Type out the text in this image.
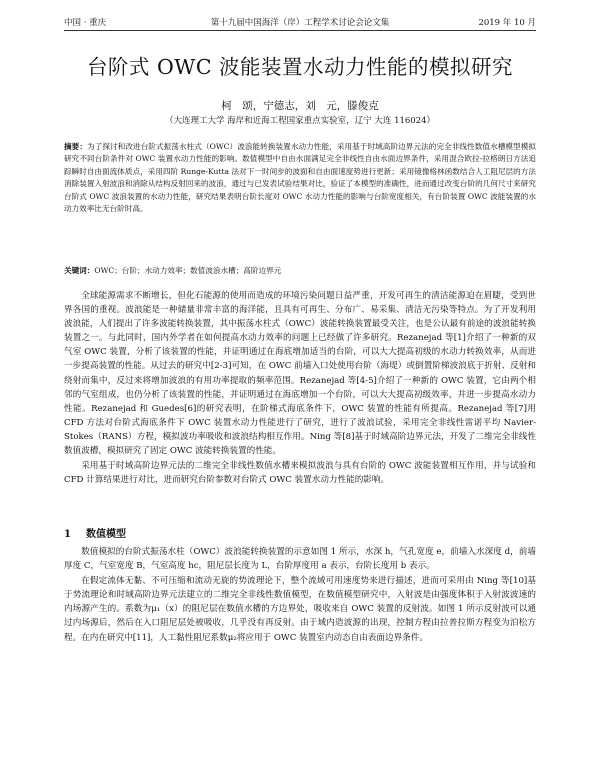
中国 · 重庆	第十九届中国海洋（岸）工程学术讨论会论文集	2019 年 10 月
台阶式 OWC 波能装置水动力性能的模拟研究
柯　颂，宁德志，刘　元，滕俊克
（大连理工大学 海岸和近海工程国家重点实验室，辽宁 大连 116024）
摘要：为了探讨和改进台阶式振荡水柱式（OWC）波浪能转换装置水动力性能，采用基于时域高阶边界元法的完全非线性数值水槽模型模拟研究不同台阶条件对 OWC 装置水动力性能的影响。数值模型中自由水面满足完全非线性自由水面边界条件，采用混合欧拉-拉格朗日方法追踪瞬时自由面流体质点，采用四阶 Runge-Kutta 法对下一时间步的波面和自由面速度势进行更新；采用镜像格林函数结合人工阻尼层的方法消除装置入射波浪和消除从结构反射回来的波浪，通过与已发表试验结果对比，验证了本模型的准确性，进而通过改变台阶的几何尺寸来研究台阶式 OWC 波浪装置的水动力性能，研究结果表明台阶长度对 OWC 水动力性能的影响与台阶宽度相关，有台阶装置 OWC 波能装置的水动力效率比无台阶时高。
关键词：OWC；台阶；水动力效率；数值波浪水槽；高阶边界元

全球能源需求不断增长，但化石能源的使用而造成的环境污染问题日益严重，开发可再生的清洁能源迫在眉睫，受到世界各国的重视。波浪能是一种储量非常丰富的海洋能，且具有可再生、分布广、易采集、清洁无污染等特点。为了开发利用波浪能，人们提出了许多波能转换装置，其中振荡水柱式（OWC）波能转换装置最受关注，也是公认最有前途的波浪能转换装置之一。与此同时，国内外学者在如何提高水动力效率的问题上已经做了许多研究。Rezanejad 等[1]介绍了一种新的双气室 OWC 装置，分析了该装置的性能，并证明通过在海底增加适当的台阶，可以大大提高初级的水动力转换效率，从而进一步提高装置的性能。从过去的研究中[2-3]可知，在 OWC 前墙入口处使用台阶（海堤）或倒置阶梯波浪底于折射、反射和绕射而集中，反过来将增加波浪的有用功率提取的频率范围。Rezanejad 等[4-5]介绍了一种新的 OWC 装置，它由两个相邻的气室组成，也仍分析了该装置的性能，并证明通过在海底增加一个台阶，可以大大提高初级效率，并进一步提高水动力性能。Rezanejad 和 Guedes[6]的研究表明，在阶梯式海底条件下，OWC 装置的性能有所提高。Rezanejad 等[7]用 CFD 方法对台阶式海底条件下 OWC 装置水动力性能进行了研究，进行了波浪试验，采用完全非线性雷诺平均 Navier-Stokes（RANS）方程，模拟波功率吸收和波浪结构相互作用。Ning 等[8]基于时域高阶边界元法，开发了二维完全非线性数值波槽，模拟研究了固定 OWC 波能转换装置的性能。

采用基于时域高阶边界元法的二维完全非线性数值水槽来模拟波浪与具有台阶的 OWC 波能装置相互作用，并与试验和 CFD 计算结果进行对比，进而研究台阶参数对台阶式 OWC 装置水动力性能的影响。

1 数值模型

数值模拟的台阶式振荡水柱（OWC）波浪能转换装置的示意如图 1 所示，水深 h，气孔宽度 e，前墙入水深度 d，前墙厚度 C，气室宽度 B，气室高度 hc，阻尼层长度为 L，台阶厚度用 a 表示，台阶长度用 b 表示。

在假定流体无黏、不可压缩和流动无旋的势流理论下，整个流域可用速度势来进行描述，进而可采用由 Ning 等[10]基于势流理论和时域高阶边界元法建立的二维完全非线性数值模型，在数值模型研究中，入射波是由强度体积于入射波波速的内场源产生的。系数为μ₁（x）的阻尼层在数值水槽的方边界处，吸收来自 OWC 装置的反射波。如图 1 所示反射波可以通过内场源后，然后在入口阻尼层处被吸收，几乎没有再反射。由于域内造波源的出现，控制方程由拉普拉斯方程变为泊松方程。在内在研究中[11]，人工黏性阻尼系数μ₂将应用于 OWC 装置室内动态自由表面边界条件。
